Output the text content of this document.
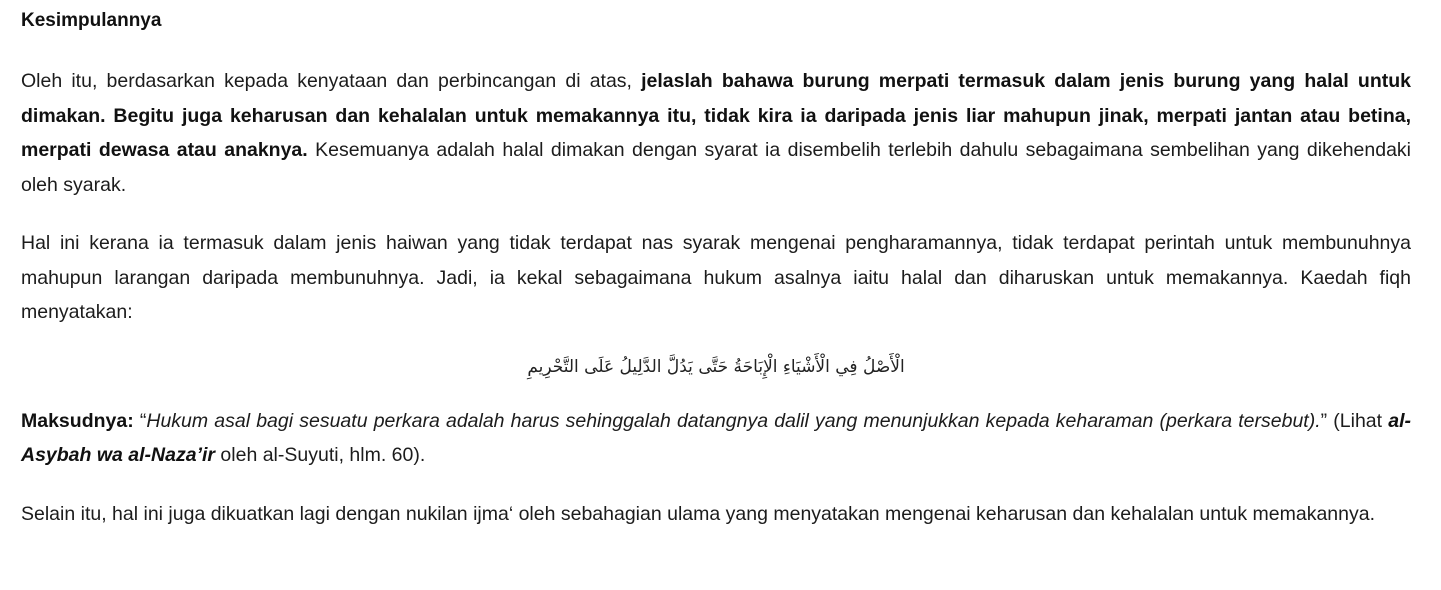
Kesimpulannya

Oleh itu, berdasarkan kepada kenyataan dan perbincangan di atas, jelaslah bahawa burung merpati termasuk dalam jenis burung yang halal untuk dimakan. Begitu juga keharusan dan kehalalan untuk memakannya itu, tidak kira ia daripada jenis liar mahupun jinak, merpati jantan atau betina, merpati dewasa atau anaknya. Kesemuanya adalah halal dimakan dengan syarat ia disembelih terlebih dahulu sebagaimana sembelihan yang dikehendaki oleh syarak.

Hal ini kerana ia termasuk dalam jenis haiwan yang tidak terdapat nas syarak mengenai pengharamannya, tidak terdapat perintah untuk membunuhnya mahupun larangan daripada membunuhnya. Jadi, ia kekal sebagaimana hukum asalnya iaitu halal dan diharuskan untuk memakannya. Kaedah fiqh menyatakan:

الْأَصْلُ فِي الْأَشْيَاءِ الْإِبَاحَةُ حَتَّى يَدُلَّ الدَّلِيلُ عَلَى التَّحْرِيمِ

Maksudnya: “Hukum asal bagi sesuatu perkara adalah harus sehinggalah datangnya dalil yang menunjukkan kepada keharaman (perkara tersebut).” (Lihat al-Asybah wa al-Naza’ir oleh al-Suyuti, hlm. 60).

Selain itu, hal ini juga dikuatkan lagi dengan nukilan ijma‘ oleh sebahagian ulama yang menyatakan mengenai keharusan dan kehalalan untuk memakannya.
